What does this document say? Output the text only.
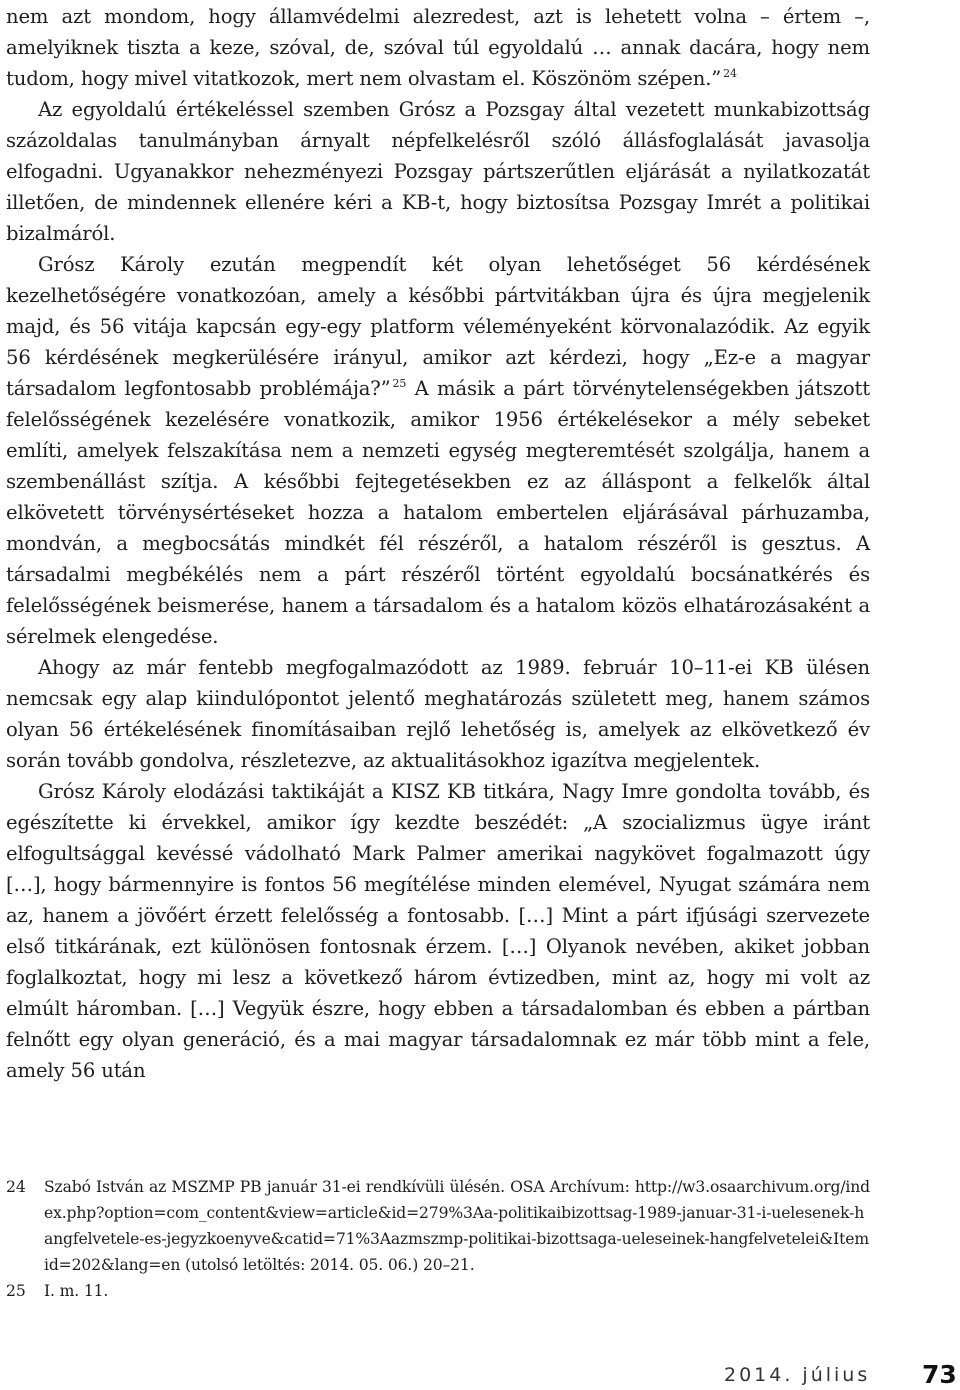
nem azt mondom, hogy államvédelmi alezredest, azt is lehetett volna – értem –, amelyiknek tiszta a keze, szóval, de, szóval túl egyoldalú … annak dacára, hogy nem tudom, hogy mivel vitatkozok, mert nem olvastam el. Köszönöm szépen.” $^{24}$

Az egyoldalú értékeléssel szemben Grósz a Pozsgay által vezetett munkabizottság százoldalas tanulmányban árnyalt népfelkelésről szóló állásfoglalását javasolja elfogadni. Ugyanakkor nehezményezi Pozsgay pártszerűtlen eljárását a nyilatkozatát illetően, de mindennek ellenére kéri a KB-t, hogy biztosítsa Pozsgay Imrét a politikai bizalmáról.

Grósz Károly ezután megpendít két olyan lehetőséget 56 kérdésének kezelhetőségére vonatkozóan, amely a későbbi pártvitákban újra és újra megjelenik majd, és 56 vitája kapcsán egy-egy platform véleményeként körvonalazódik. Az egyik 56 kérdésének megkerülésére irányul, amikor azt kérdezi, hogy „Ez-e a magyar társadalom legfontosabb problémája?” $^{25}$ A másik a párt törvénytelenségekben játszott felelősségének kezelésére vonatkozik, amikor 1956 értékelésekor a mély sebeket említi, amelyek felszakítása nem a nemzeti egység megteremtését szolgálja, hanem a szembenállást szítja. A későbbi fejtegetésekben ez az álláspont a felkelők által elkövetett törvénysértéseket hozza a hatalom embertelen eljárásával párhuzamba, mondván, a megbocsátás mindkét fél részéről, a hatalom részéről is gesztus. A társadalmi megbékélés nem a párt részéről történt egyoldalú bocsánatkérés és felelősségének beismerése, hanem a társadalom és a hatalom közös elhatározásaként a sérelmek elengedése.

Ahogy az már fentebb megfogalmazódott az 1989. február 10–11-ei KB ülésen nemcsak egy alap kiindulópontot jelentő meghatározás született meg, hanem számos olyan 56 értékelésének finomításaiban rejlő lehetőség is, amelyek az elkövetkező év során tovább gondolva, részletezve, az aktualitásokhoz igazítva megjelentek.

Grósz Károly elodázási taktikáját a KISZ KB titkára, Nagy Imre gondolta tovább, és egészítette ki érvekkel, amikor így kezdte beszédét: „A szocializmus ügye iránt elfogultsággal kevéssé vádolható Mark Palmer amerikai nagykövet fogalmazott úgy […], hogy bármennyire is fontos 56 megítélése minden elemével, Nyugat számára nem az, hanem a jövőért érzett felelősség a fontosabb. […] Mint a párt ifjúsági szervezete első titkárának, ezt különösen fontosnak érzem. […] Olyanok nevében, akiket jobban foglalkoztat, hogy mi lesz a következő három évtizedben, mint az, hogy mi volt az elmúlt háromban. […] Vegyük észre, hogy ebben a társadalomban és ebben a pártban felnőtt egy olyan generáció, és a mai magyar társadalomnak ez már több mint a fele, amely 56 után

24	Szabó István az MSZMP PB január 31-ei rendkívüli ülésén. OSA Archívum: http://w3.osaarchivum.org/index.php?option=com_content&view=article&id=279%3Aa-politikaibizottsag-1989-januar-31-i-uelesenek-hangfelvetele-es-jegyzkoenyve&catid=71%3Aazmszmp-politikai-bizottsaga-ueleseinek-hangfelvetelei&Itemid=202&lang=en (utolsó letöltés: 2014. 05. 06.) 20–21.
25	I. m. 11.
2014. július 73
